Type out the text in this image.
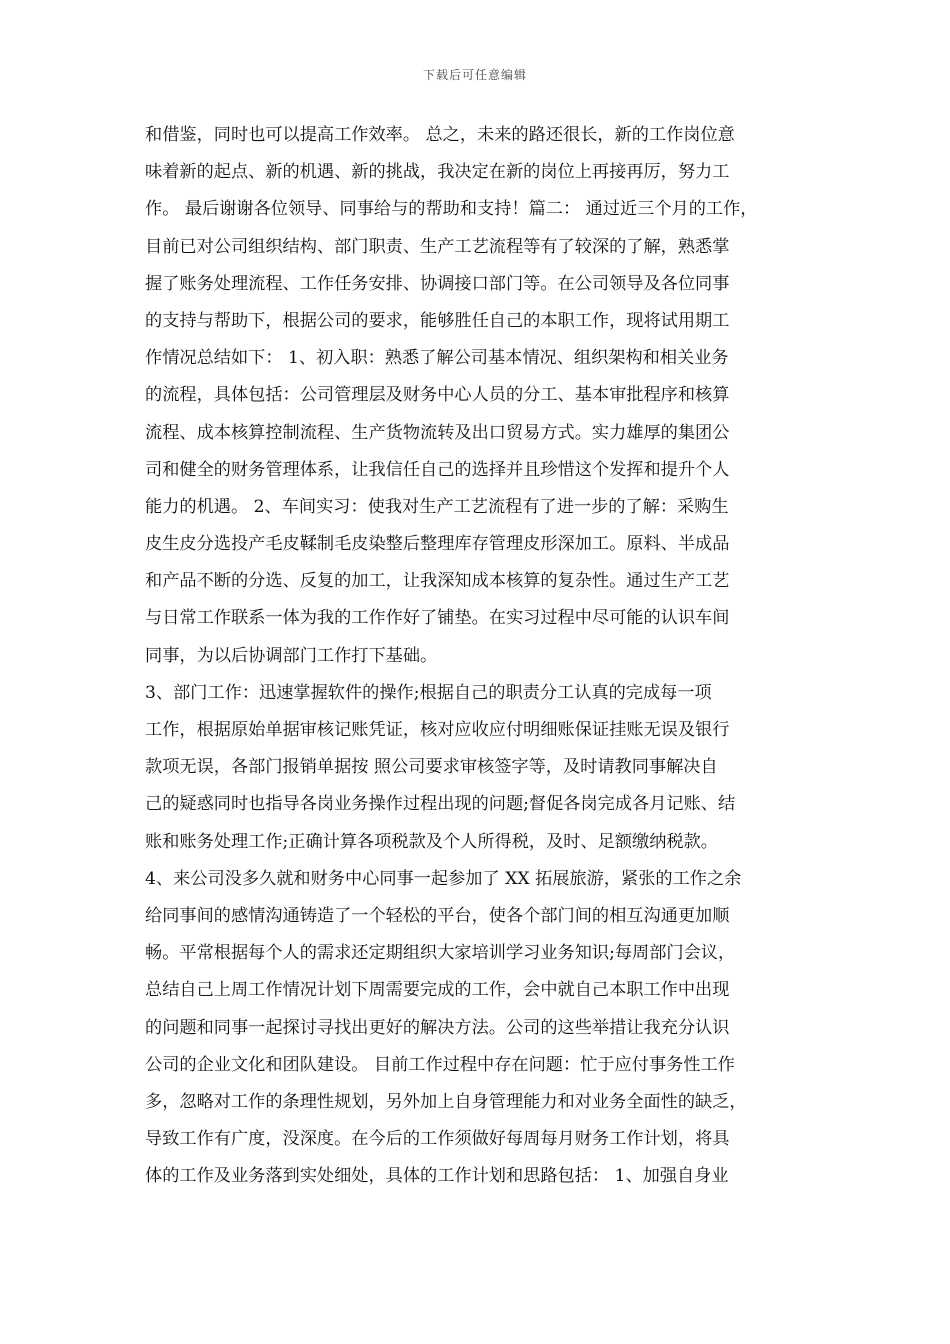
下载后可任意编辑
和借鉴，同时也可以提高工作效率。 总之，未来的路还很长，新的工作岗位意
味着新的起点、新的机遇、新的挑战，我决定在新的岗位上再接再厉，努力工
作。 最后谢谢各位领导、同事给与的帮助和支持！篇二： 通过近三个月的工作，
目前已对公司组织结构、部门职责、生产工艺流程等有了较深的了解，熟悉掌
握了账务处理流程、工作任务安排、协调接口部门等。在公司领导及各位同事
的支持与帮助下，根据公司的要求，能够胜任自己的本职工作，现将试用期工
作情况总结如下： 1、初入职：熟悉了解公司基本情况、组织架构和相关业务
的流程，具体包括：公司管理层及财务中心人员的分工、基本审批程序和核算
流程、成本核算控制流程、生产货物流转及出口贸易方式。实力雄厚的集团公
司和健全的财务管理体系，让我信任自己的选择并且珍惜这个发挥和提升个人
能力的机遇。 2、车间实习：使我对生产工艺流程有了进一步的了解：采购生
皮生皮分选投产毛皮鞣制毛皮染整后整理库存管理皮形深加工。原料、半成品
和产品不断的分选、反复的加工，让我深知成本核算的复杂性。通过生产工艺
与日常工作联系一体为我的工作作好了铺垫。在实习过程中尽可能的认识车间
同事，为以后协调部门工作打下基础。
3、部门工作：迅速掌握软件的操作;根据自己的职责分工认真的完成每一项
工作，根据原始单据审核记账凭证，核对应收应付明细账保证挂账无误及银行
款项无误，各部门报销单据按 照公司要求审核签字等，及时请教同事解决自
己的疑惑同时也指导各岗业务操作过程出现的问题;督促各岗完成各月记账、结
账和账务处理工作;正确计算各项税款及个人所得税，及时、足额缴纳税款。
4、来公司没多久就和财务中心同事一起参加了 XX 拓展旅游，紧张的工作之余
给同事间的感情沟通铸造了一个轻松的平台，使各个部门间的相互沟通更加顺
畅。平常根据每个人的需求还定期组织大家培训学习业务知识;每周部门会议，
总结自己上周工作情况计划下周需要完成的工作，会中就自己本职工作中出现
的问题和同事一起探讨寻找出更好的解决方法。公司的这些举措让我充分认识
公司的企业文化和团队建设。 目前工作过程中存在问题：忙于应付事务性工作
多，忽略对工作的条理性规划，另外加上自身管理能力和对业务全面性的缺乏，
导致工作有广度，没深度。在今后的工作须做好每周每月财务工作计划，将具
体的工作及业务落到实处细处，具体的工作计划和思路包括： 1、加强自身业
